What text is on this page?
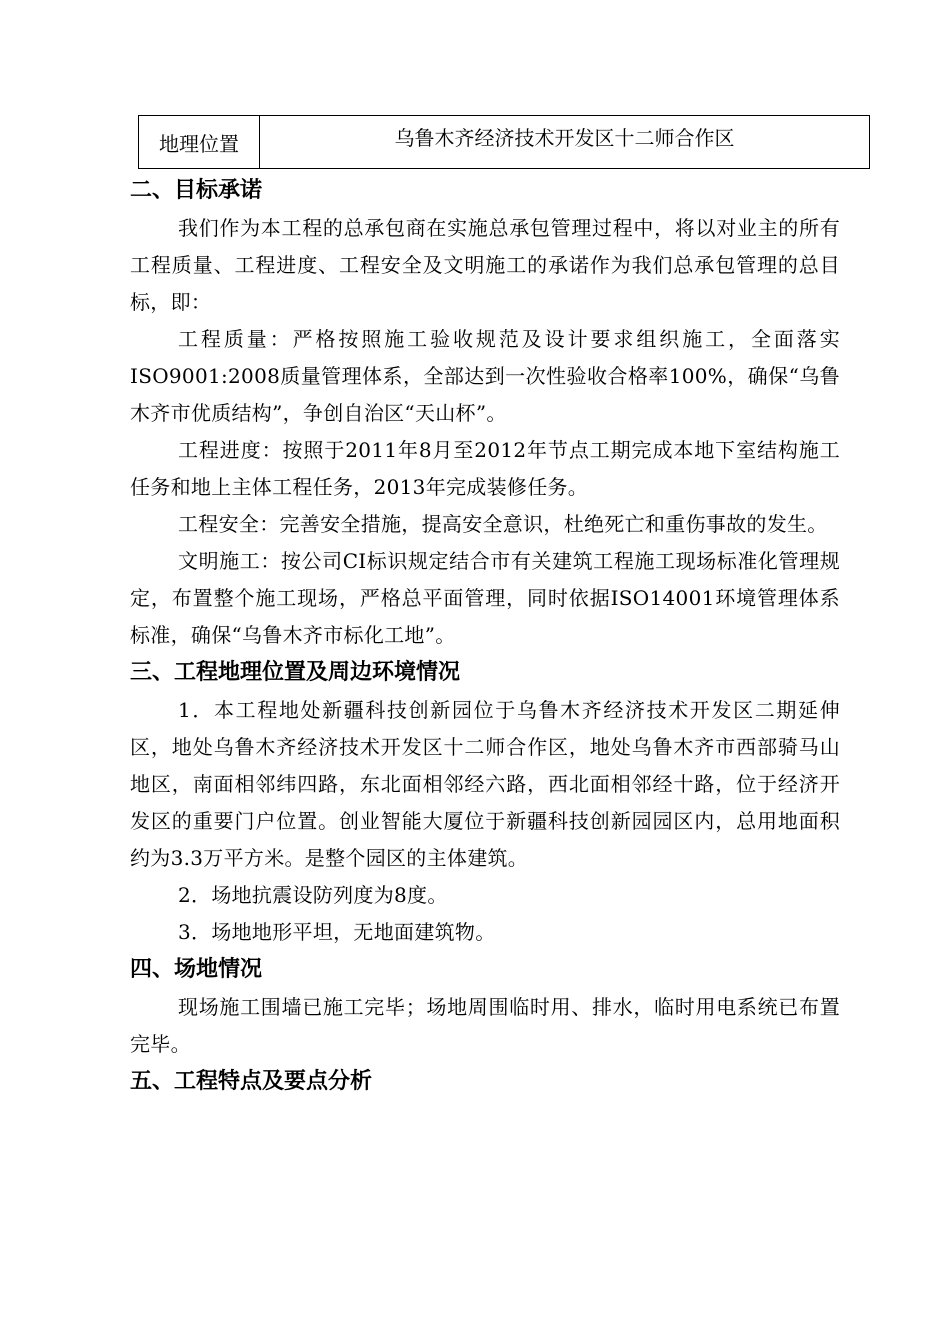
地理位置	乌鲁木齐经济技术开发区十二师合作区
二、目标承诺

我们作为本工程的总承包商在实施总承包管理过程中，将以对业主的所有工程质量、工程进度、工程安全及文明施工的承诺作为我们总承包管理的总目标，即：

工程质量：严格按照施工验收规范及设计要求组织施工，全面落实ISO9001:2008质量管理体系，全部达到一次性验收合格率100%，确保“乌鲁木齐市优质结构”，争创自治区“天山杯”。

工程进度：按照于2011年8月至2012年节点工期完成本地下室结构施工任务和地上主体工程任务，2013年完成装修任务。

工程安全：完善安全措施，提高安全意识，杜绝死亡和重伤事故的发生。

文明施工：按公司CI标识规定结合市有关建筑工程施工现场标准化管理规定，布置整个施工现场，严格总平面管理，同时依据ISO14001环境管理体系标准，确保“乌鲁木齐市标化工地”。

三、工程地理位置及周边环境情况

1．本工程地处新疆科技创新园位于乌鲁木齐经济技术开发区二期延伸区，地处乌鲁木齐经济技术开发区十二师合作区，地处乌鲁木齐市西部骑马山地区，南面相邻纬四路，东北面相邻经六路，西北面相邻经十路，位于经济开发区的重要门户位置。创业智能大厦位于新疆科技创新园园区内，总用地面积约为3.3万平方米。是整个园区的主体建筑。

2．场地抗震设防列度为8度。

3．场地地形平坦，无地面建筑物。

四、场地情况

现场施工围墙已施工完毕；场地周围临时用、排水，临时用电系统已布置完毕。

五、工程特点及要点分析
